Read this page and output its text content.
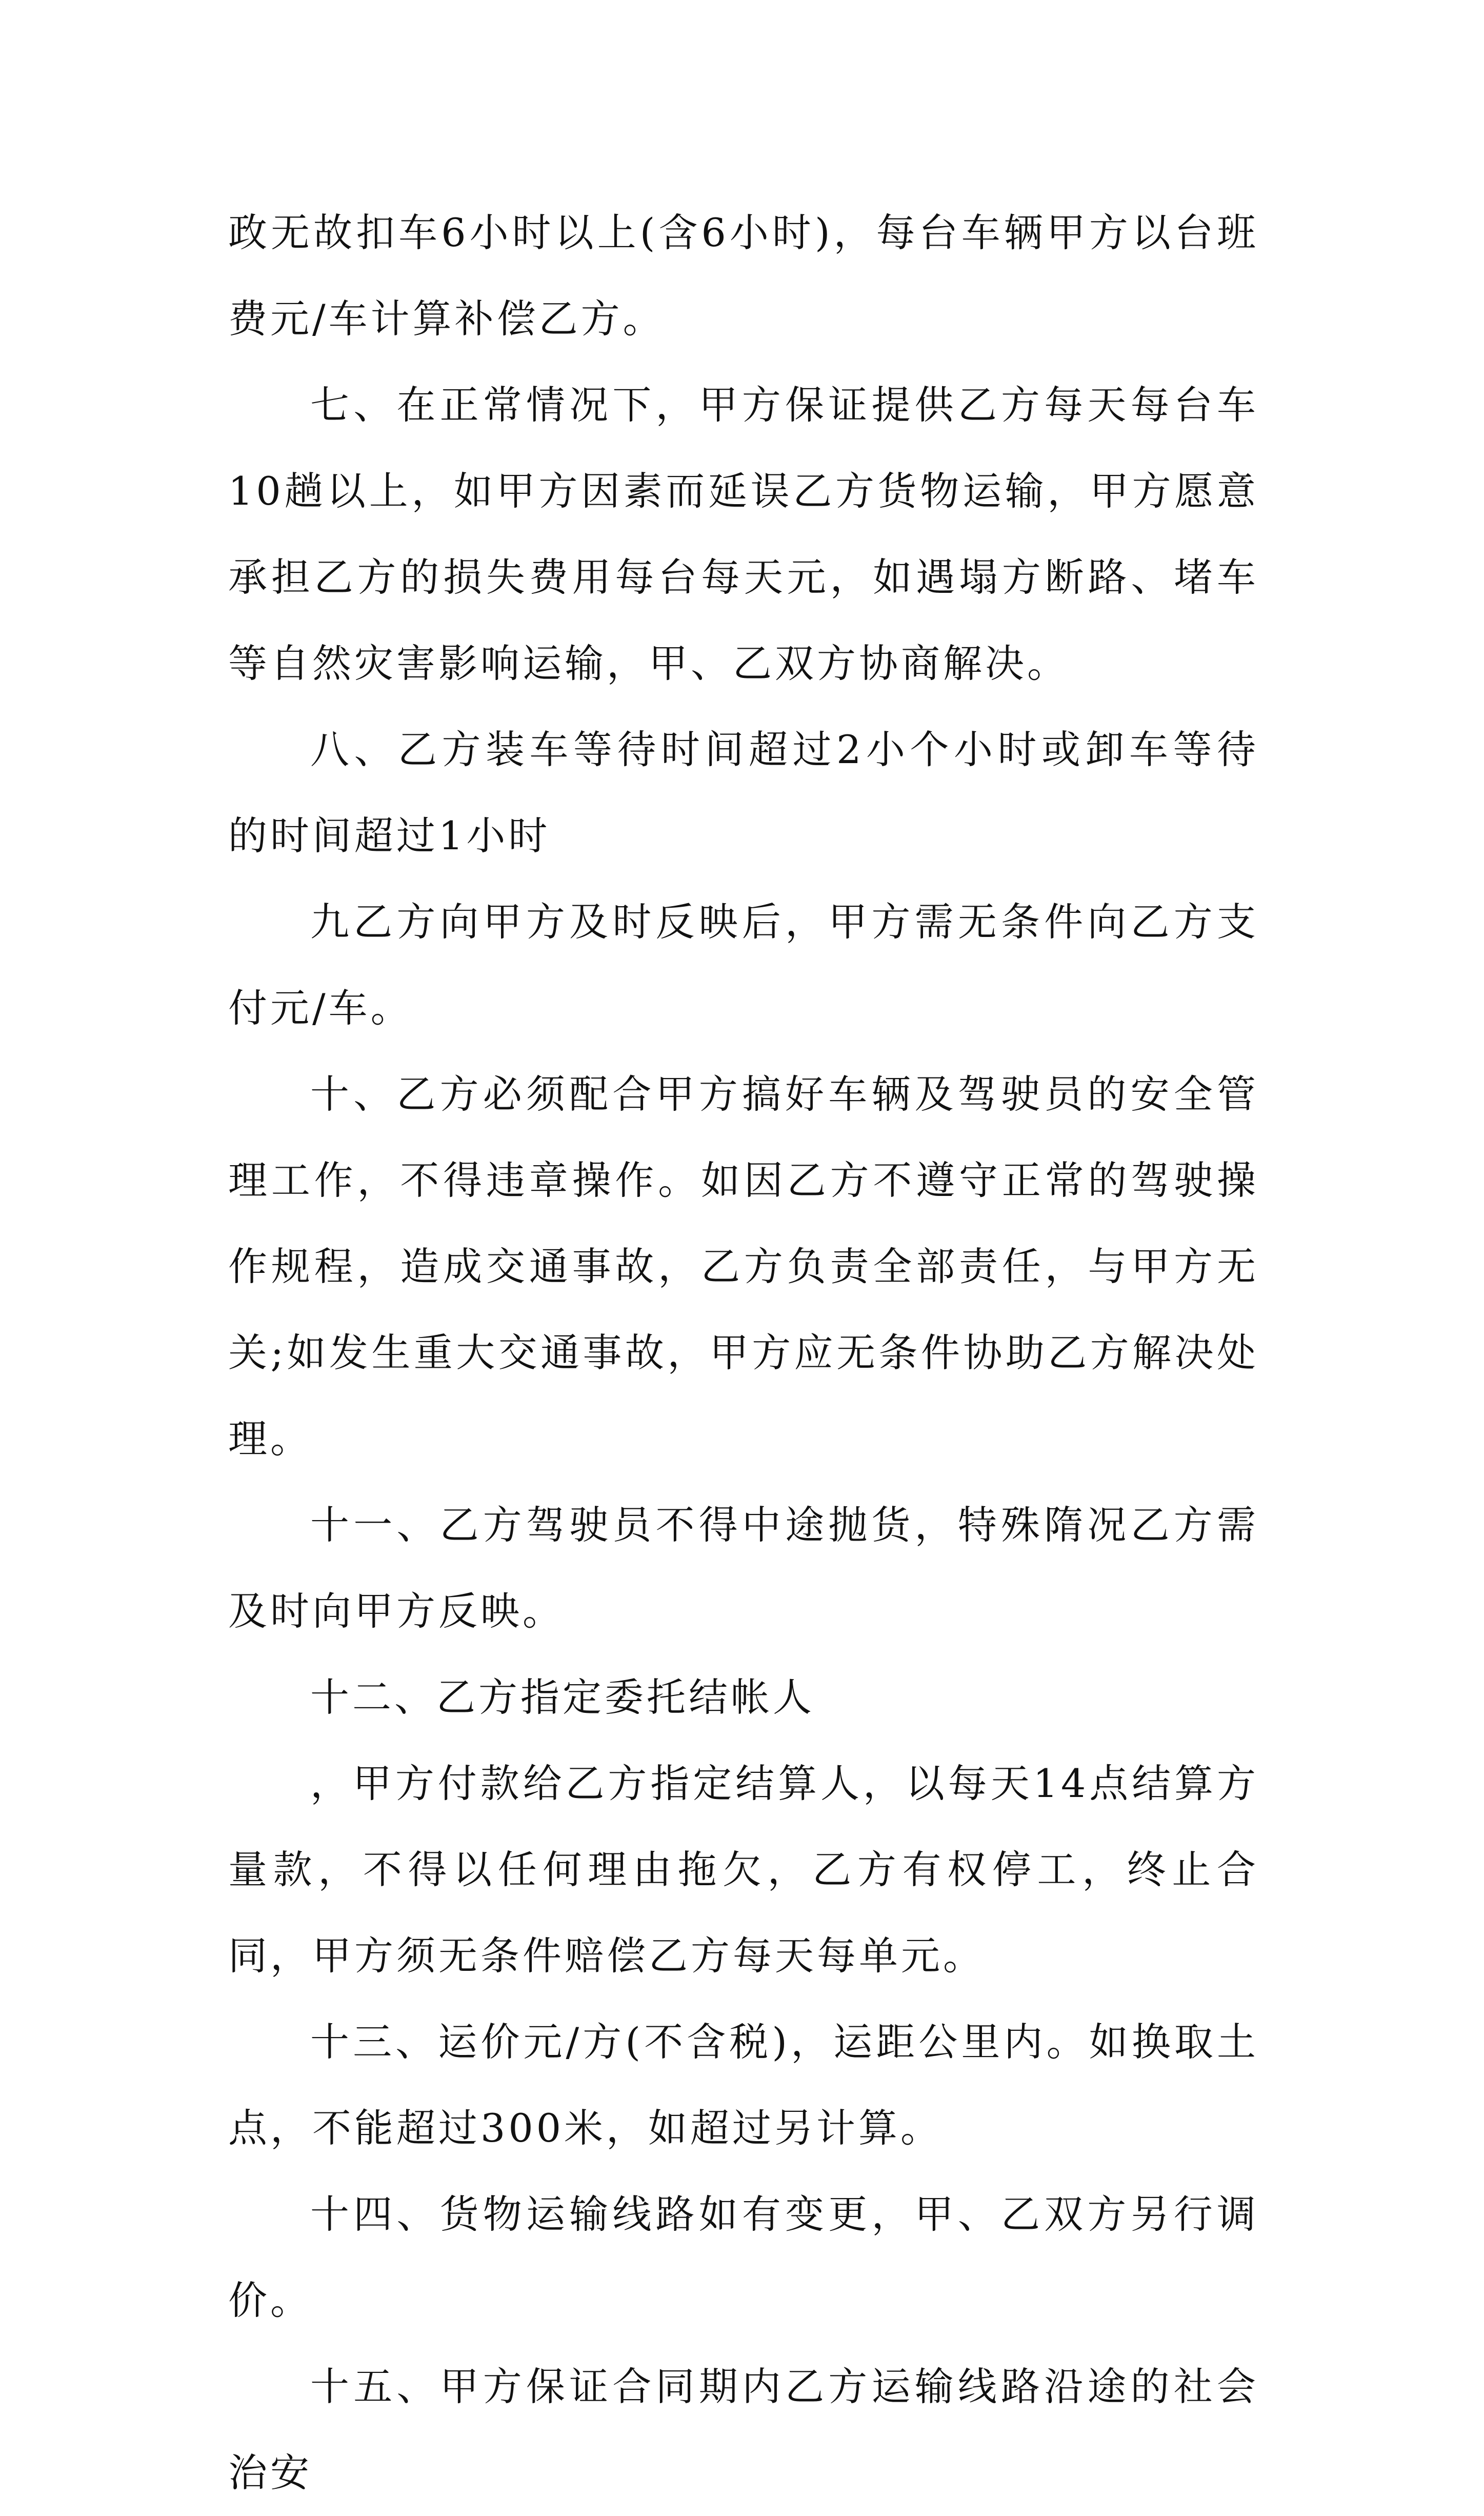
政无故扣车6小时以上(含6小时)，每台车辆甲方以台班费元/车计算补偿乙方。

七、在正常情况下，甲方保证提供乙方每天每台车10趟以上，如甲方因素而延误乙方货物运输，甲方愿意承担乙方的损失费用每台每天元，如遇塌方断路、堵车等自然灾害影响运输，甲、乙双方协商解决。

八、乙方装车等待时间超过2小个小时或卸车等待的时间超过1小时

九乙方向甲方及时反映后，甲方需无条件向乙方支付元/车。

十、乙方必须配合甲方搞好车辆及驾驶员的安全管理工作，不得违章操作。如因乙方不遵守正常的驾驶操作规程，造成交通事故，乙方负责全部责任，与甲方无关;如发生重大交通事故，甲方应无条件协助乙方解决处理。

十一、乙方驾驶员不得中途抛货，特殊隋况乙方需及时向甲方反映。

十二、乙方指定委托结帐人

，甲方付款给乙方指定结算人，以每天14点结算方量款，不得以任何理由拖欠，乙方有权停工，终止合同，甲方须无条件赔偿乙方每天每单元。

十三、运价元/方(不含税)，运距公里内。如换取土点，不能超过300米，如超过另计算。

十四、货物运输线路如有变更，甲、乙双方另行调价。

十五、甲方保证合同期内乙方运输线路沿途的社会治安
